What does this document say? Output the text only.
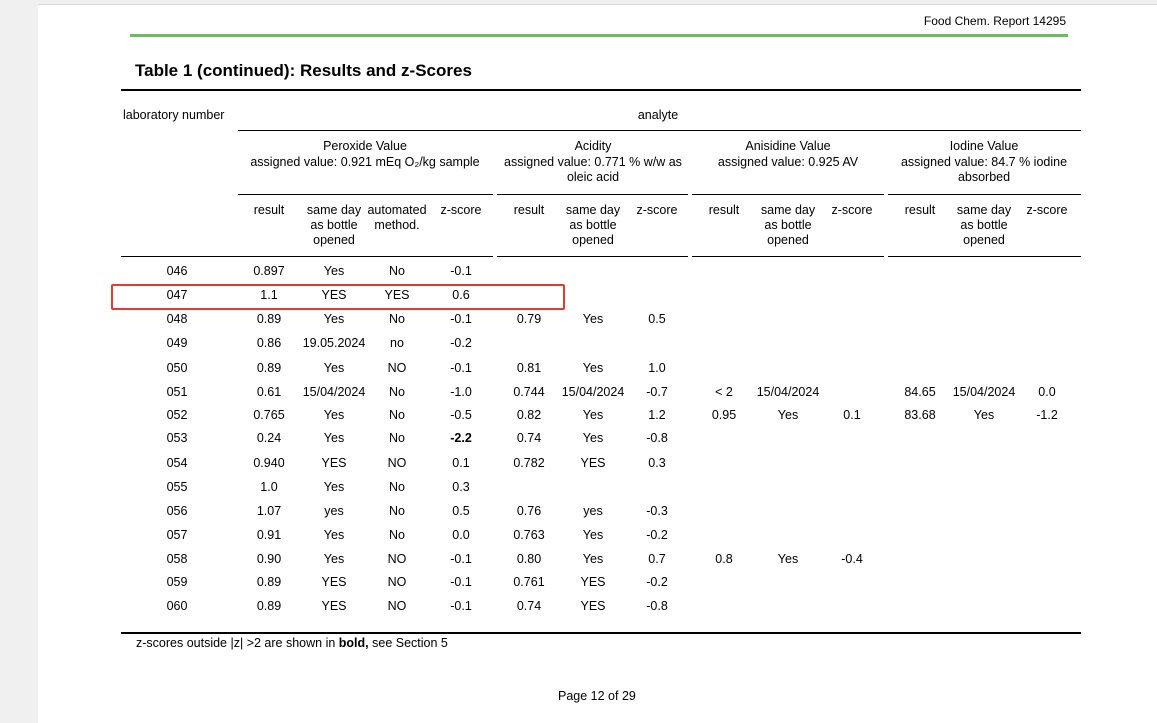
Food Chem. Report 14295
Table 1 (continued): Results and z-Scores
laboratory number	analyte
Peroxide Value
assigned value: 0.921 mEq O₂/kg sample
Acidity
assigned value: 0.771 % w/w as
oleic acid
Anisidine Value
assigned value: 0.925 AV
Iodine Value
assigned value: 84.7 % iodine
absorbed
result same day
as bottle
opened
automated
method.
z-score	result same day
as bottle
opened
z-score result same day
as bottle
opened
z-score	result same day
as bottle
opened
z-score
046	0.897	Yes	No	-0.1
047	1.1	YES	YES	0.6
048	0.89	Yes	No	-0.1	0.79	Yes	0.5
049	0.86 19.05.2024 no	-0.2
050	0.89	Yes	NO	-0.1	0.81	Yes	1.0
051	0.61 15/04/2024 No	-1.0	0.744 15/04/2024 -0.7	< 2 15/04/2024	84.65 15/04/2024 0.0
052	0.765	Yes	No	-0.5	0.82	Yes	1.2	0.95	Yes	0.1	83.68	Yes	-1.2
053	0.24	Yes	No	-2.2	0.74	Yes	-0.8
054	0.940	YES	NO	0.1	0.782	YES	0.3
055	1.0	Yes	No	0.3
056	1.07	yes	No	0.5	0.76	yes	-0.3
057	0.91	Yes	No	0.0	0.763	Yes	-0.2
058	0.90	Yes	NO	-0.1	0.80	Yes	0.7	0.8	Yes	-0.4
059	0.89	YES	NO	-0.1	0.761	YES	-0.2
060	0.89	YES	NO	-0.1	0.74	YES	-0.8
z-scores outside |z| >2 are shown in bold, see Section 5
Page 12 of 29
